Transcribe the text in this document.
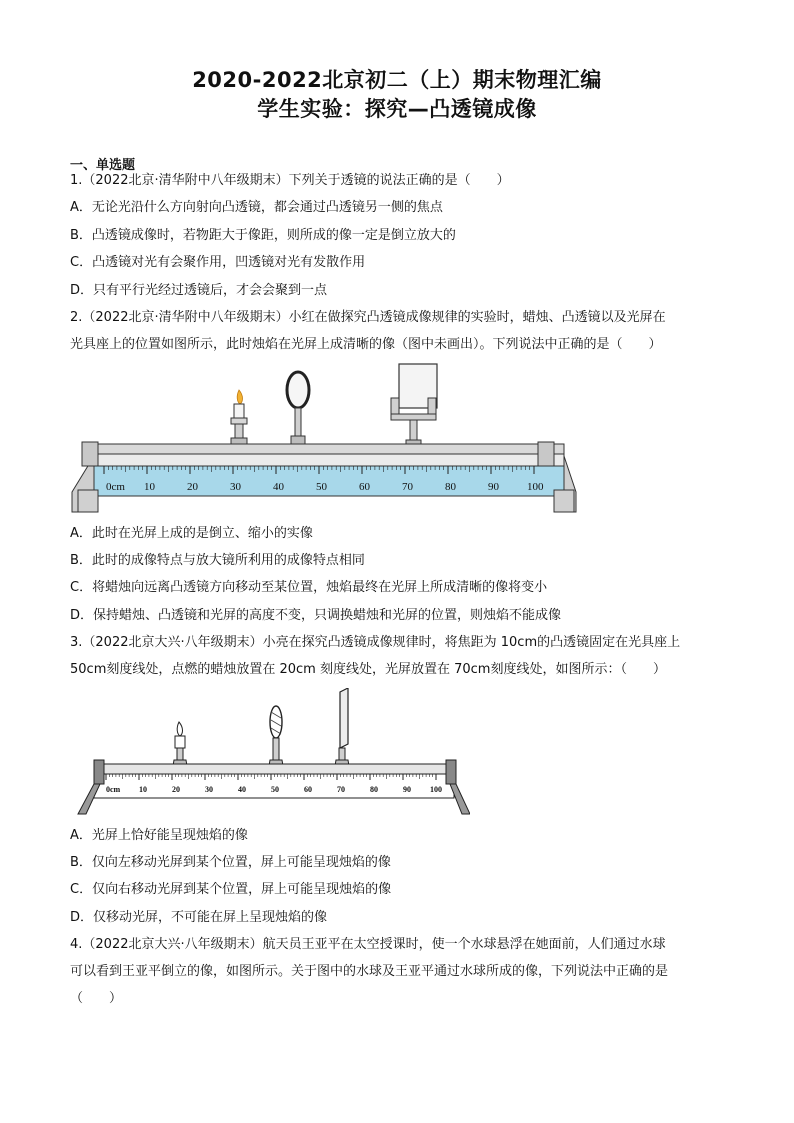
2020-2022北京初二（上）期末物理汇编
学生实验：探究—凸透镜成像
一、单选题
1.（2022北京·清华附中八年级期末）下列关于透镜的说法正确的是（　　）
A．无论光沿什么方向射向凸透镜，都会通过凸透镜另一侧的焦点
B．凸透镜成像时，若物距大于像距，则所成的像一定是倒立放大的
C．凸透镜对光有会聚作用，凹透镜对光有发散作用
D．只有平行光经过透镜后，才会会聚到一点
2.（2022北京·清华附中八年级期末）小红在做探究凸透镜成像规律的实验时，蜡烛、凸透镜以及光屏在
光具座上的位置如图所示，此时烛焰在光屏上成清晰的像（图中未画出）。下列说法中正确的是（　　）
0cm 10	20	30	40	50	60	70	80	90	100
A．此时在光屏上成的是倒立、缩小的实像
B．此时的成像特点与放大镜所利用的成像特点相同
C．将蜡烛向远离凸透镜方向移动至某位置，烛焰最终在光屏上所成清晰的像将变小
D．保持蜡烛、凸透镜和光屏的高度不变，只调换蜡烛和光屏的位置，则烛焰不能成像
3.（2022北京大兴·八年级期末）小亮在探究凸透镜成像规律时，将焦距为 10cm的凸透镜固定在光具座上
50cm刻度线处，点燃的蜡烛放置在 20cm 刻度线处，光屏放置在 70cm刻度线处，如图所示：（　　）
0cm 10	20	30	40	50	60	70	80	90 100
A．光屏上恰好能呈现烛焰的像
B．仅向左移动光屏到某个位置，屏上可能呈现烛焰的像
C．仅向右移动光屏到某个位置，屏上可能呈现烛焰的像
D．仅移动光屏，不可能在屏上呈现烛焰的像
4.（2022北京大兴·八年级期末）航天员王亚平在太空授课时，使一个水球悬浮在她面前，人们通过水球
可以看到王亚平倒立的像，如图所示。关于图中的水球及王亚平通过水球所成的像，下列说法中正确的是
（　　）
